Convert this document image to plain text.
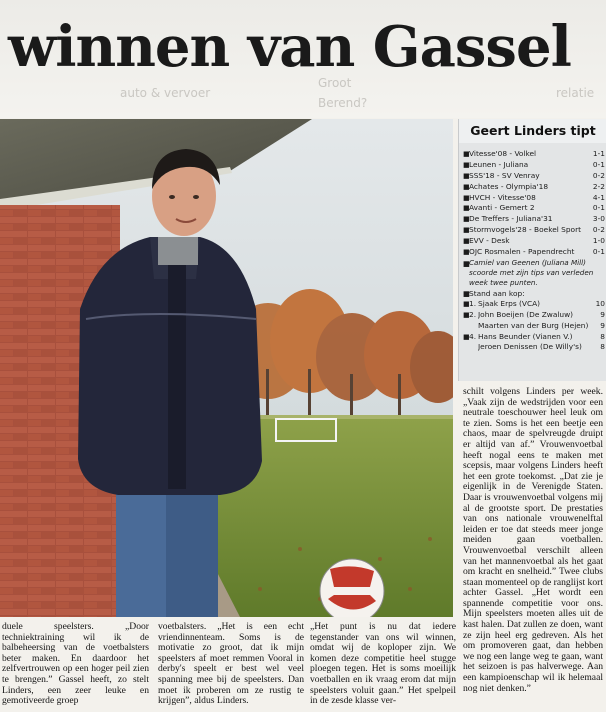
auto & vervoer
Groot
Berend?
relatie
winnen van Gassel
Geert Linders tipt
■ Vitesse'08 - Volkel	1-1
■ Leunen - Juliana	0-1
■ SSS'18 - SV Venray	0-2
■ Achates - Olympia'18	2-2
■ HVCH - Vitesse'08	4-1
■ Avanti - Gemert 2	0-1
■ De Treffers - Juliana'31	3-0
■ Stormvogels'28 - Boekel Sport	0-2
■ EVV - Desk	1-0
■ OJC Rosmalen - Papendrecht	0-1
■ Camiel van Geenen (Juliana Mill) scoorde met zijn tips van verleden week twee punten.
■ Stand aan kop:
■ 1. Sjaak Erps (VCA)	10
■ 2. John Boeijen (De Zwaluw)	9
Maarten van der Burg (Hejen)	9
■ 4. Hans Beunder (Vianen V.)	8
Jeroen Denissen (De Willy's)	8

schilt volgens Linders per week. „Vaak zijn de wedstrijden voor een neutrale toeschouwer heel leuk om te zien. Soms is het een beetje een chaos, maar de spelvreugde druipt er altijd van af.” Vrouwenvoetbal heeft nogal eens te maken met scepsis, maar volgens Linders heeft het een grote toekomst. „Dat zie je eigenlijk in de Verenigde Staten. Daar is vrouwenvoetbal volgens mij al de grootste sport. De prestaties van ons nationale vrouwenelftal leiden er toe dat steeds meer jonge meiden gaan voetballen. Vrouwenvoetbal verschilt alleen van het mannenvoetbal als het gaat om kracht en snelheid.” Twee clubs staan momenteel op de ranglijst kort achter Gassel. „Het wordt een spannende competitie voor ons. Mijn speelsters moeten alles uit de kast halen. Dat zullen ze doen, want ze zijn heel erg gedreven. Als het om promoveren gaat, dan hebben we nog een lange weg te gaan, want het seizoen is pas halverwege. Aan een kampioenschap wil ik helemaal nog niet denken.”

duele speelsters. „Door techniektraining wil ik de balbeheersing van de voetbalsters beter maken. En daardoor het zelfvertrouwen op een hoger peil zien te brengen.” Gassel heeft, zo stelt Linders, een zeer leuke en gemotiveerde groep

voetbalsters. „Het is een echt vriendinnenteam. Soms is de motivatie zo groot, dat ik mijn speelsters af moet remmen Vooral in derby's speelt er best wel veel spanning mee bij de speelsters. Dan moet ik proberen om ze rustig te krijgen”, aldus Linders.

„Het punt is nu dat iedere tegenstander van ons wil winnen, omdat wij de koploper zijn. We komen deze competitie heel stugge ploegen tegen. Het is soms moeilijk voetballen en ik vraag erom dat mijn speelsters voluit gaan.” Het spelpeil in de zesde klasse ver-
